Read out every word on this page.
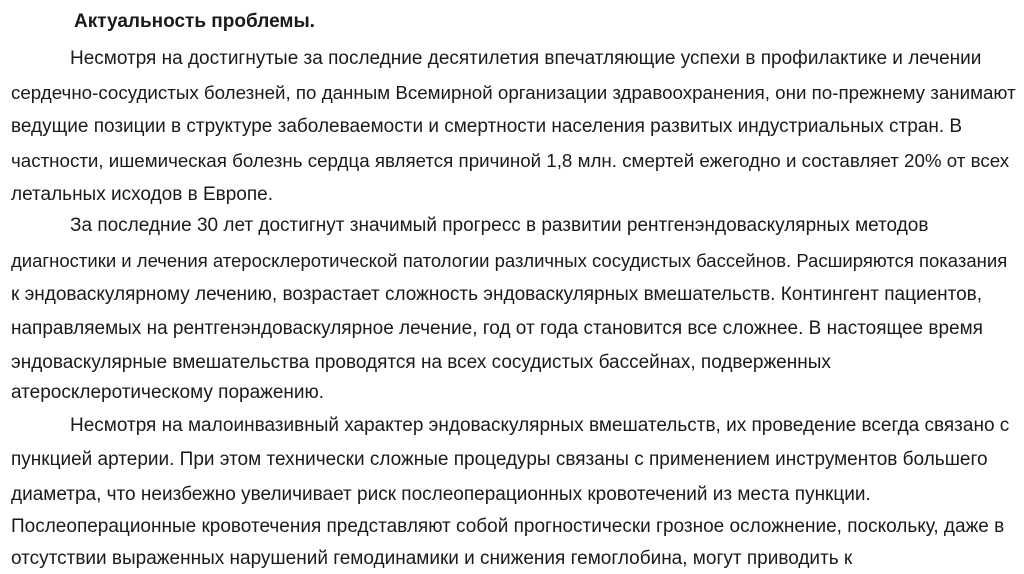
Актуальность проблемы.
Несмотря на достигнутые за последние десятилетия впечатляющие успехи в профилактике и лечении
сердечно-сосудистых болезней, по данным Всемирной организации здравоохранения, они по-прежнему занимают
ведущие позиции в структуре заболеваемости и смертности населения развитых индустриальных стран. В
частности, ишемическая болезнь сердца является причиной 1,8 млн. смертей ежегодно и составляет 20% от всех
летальных исходов в Европе.
За последние 30 лет достигнут значимый прогресс в развитии рентгенэндоваскулярных методов
диагностики и лечения атеросклеротической патологии различных сосудистых бассейнов. Расширяются показания
к эндоваскулярному лечению, возрастает сложность эндоваскулярных вмешательств. Контингент пациентов,
направляемых на рентгенэндоваскулярное лечение, год от года становится все сложнее. В настоящее время
эндоваскулярные вмешательства проводятся на всех сосудистых бассейнах, подверженных
атеросклеротическому поражению.
Несмотря на малоинвазивный характер эндоваскулярных вмешательств, их проведение всегда связано с
пункцией артерии. При этом технически сложные процедуры связаны с применением инструментов большего
диаметра, что неизбежно увеличивает риск послеоперационных кровотечений из места пункции.
Послеоперационные кровотечения представляют собой прогностически грозное осложнение, поскольку, даже в
отсутствии выраженных нарушений гемодинамики и снижения гемоглобина, могут приводить к
